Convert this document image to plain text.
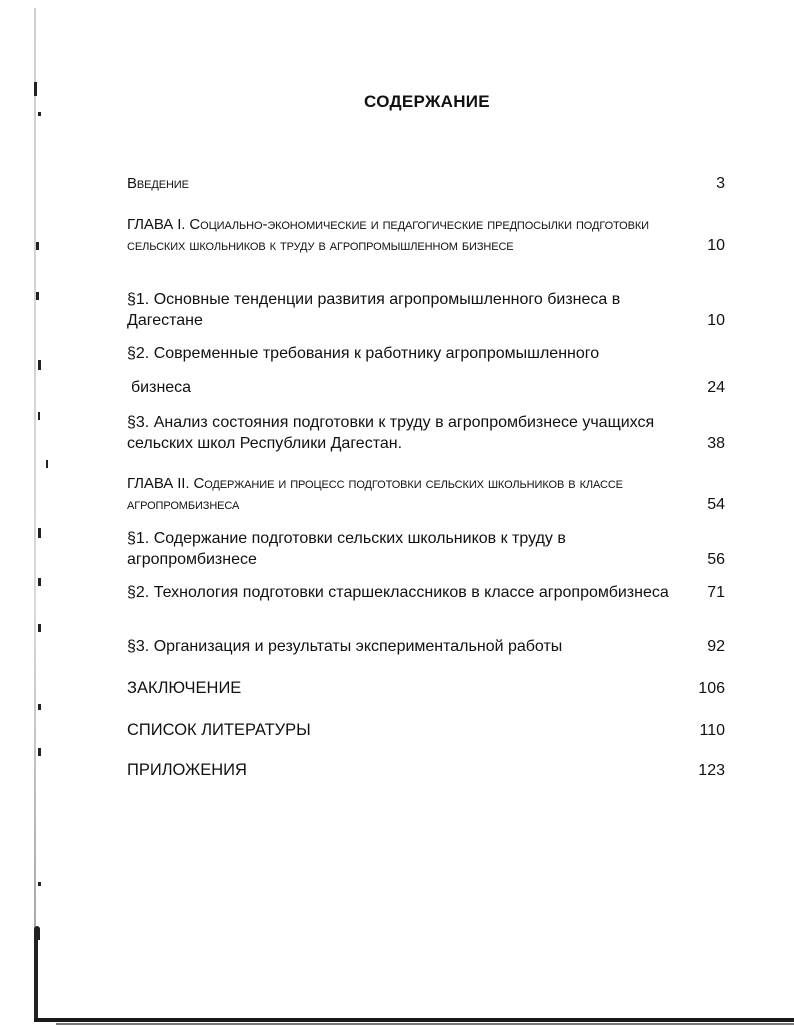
СОДЕРЖАНИЕ
Введение	3
ГЛАВА I. Социально-экономические и педагогические предпосылки подготовки сельских школьников к труду в агропромышленном бизнесе	10
§1. Основные тенденции развития агропромышленного бизнеса в Дагестане	10
§2. Современные требования к работнику агропромышленного
бизнеса	24
§3. Анализ состояния подготовки к труду в агропромбизнесе учащихся сельских школ Республики Дагестан.	38
ГЛАВА II. Содержание и процесс подготовки сельских школьников в классе агропромбизнеса	54
§1. Содержание подготовки сельских школьников к труду в агропромбизнесе	56
§2. Технология подготовки старшеклассников в классе агропромбизнеса	71
§3. Организация и результаты экспериментальной работы	92
ЗАКЛЮЧЕНИЕ	106
СПИСОК ЛИТЕРАТУРЫ	110
ПРИЛОЖЕНИЯ	123
